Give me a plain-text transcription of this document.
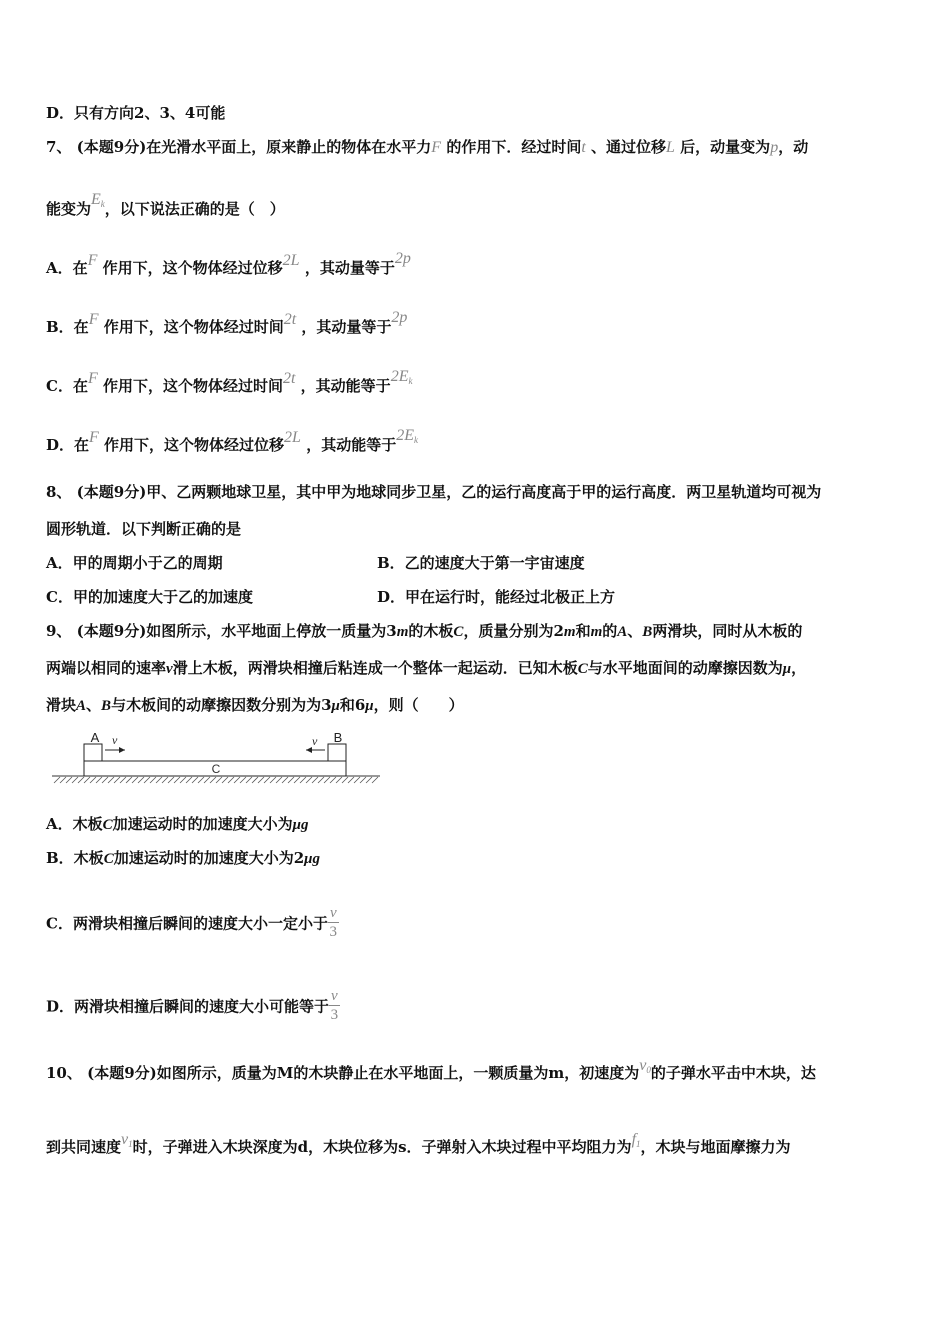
D．只有方向2、3、4可能
7、 (本题9分)在光滑水平面上，原来静止的物体在水平力F 的作用下．经过时间t 、通过位移L 后，动量变为p，动
能变为$E_k$，以下说法正确的是（　）
A．在F 作用下，这个物体经过位移2L ，其动量等于2p
B．在F 作用下，这个物体经过时间2t ，其动量等于2p
C．在F 作用下，这个物体经过时间2t ，其动能等于$2E_k$
D．在F 作用下，这个物体经过位移2L ，其动能等于$2E_k$
8、 (本题9分)甲、乙两颗地球卫星，其中甲为地球同步卫星，乙的运行高度高于甲的运行高度．两卫星轨道均可视为
圆形轨道．以下判断正确的是
A．甲的周期小于乙的周期	B．乙的速度大于第一宇宙速度
C．甲的加速度大于乙的加速度	D．甲在运行时，能经过北极正上方
9、 (本题9分)如图所示，水平地面上停放一质量为3m的木板C，质量分别为2m和m的A、B两滑块，同时从木板的
两端以相同的速率v滑上木板，两滑块相撞后粘连成一个整体一起运动．已知木板C与水平地面间的动摩擦因数为μ，
滑块A、B与木板间的动摩擦因数分别为为3μ和6μ，则（　　）
C
A v	B
v
A．木板C加速运动时的加速度大小为μg
B．木板C加速运动时的加速度大小为2μg
C．两滑块相撞后瞬间的速度大小一定小于 $\frac{v}{3}$
D．两滑块相撞后瞬间的速度大小可能等于 $\frac{v}{3}$
10、 (本题9分)如图所示，质量为M的木块静止在水平地面上，一颗质量为m，初速度为$v_0$的子弹水平击中木块，达
到共同速度$v_1$时，子弹进入木块深度为d，木块位移为s．子弹射入木块过程中平均阻力为$f_1$，木块与地面摩擦力为
